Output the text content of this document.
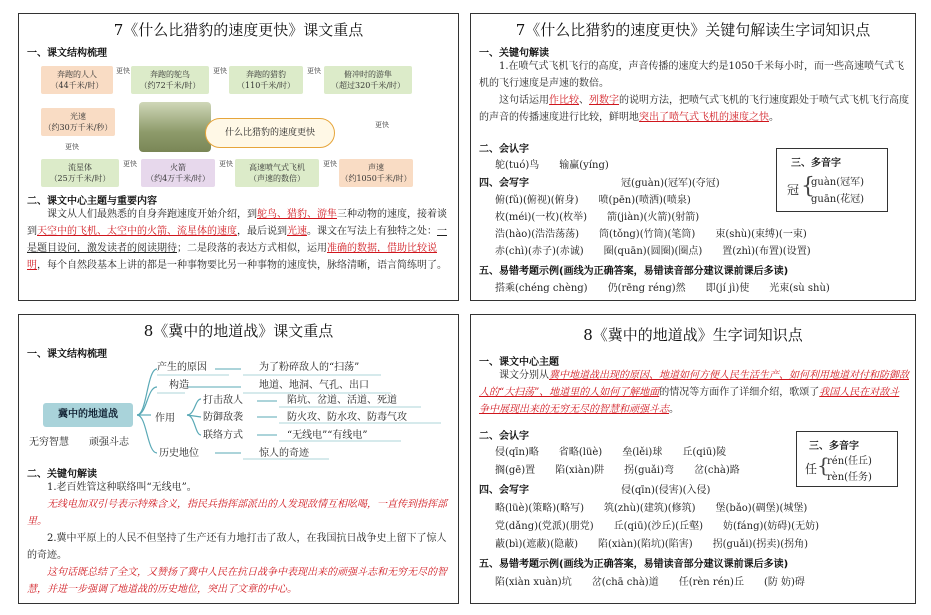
7《什么比猎豹的速度更快》课文重点
一、课文结构梳理
奔跑的人人
（44千米/时）
更快	奔跑的鸵鸟
（约72千米/时）
更快	奔跑的猎豹
（110千米/时）
更快	俯冲时的游隼
（超过320千米/时）
光速
（约30万千米/秒）
更快
什么比猎豹的速度更快
更快
流星体
（25万千米/时）
更快	火箭
（约4万千米/时）
更快	高速喷气式飞机
（声速的数倍）
更快	声速
（约1050千米/时）
二、课文中心主题与重要内容
课文从人们最熟悉的自身奔跑速度开始介绍，到鸵鸟、猎豹、游隼三种动物的速度，接着谈到天空中的飞机、太空中的火箭、流星体的速度，最后说到光速。课文在写法上有独特之处：一是题目设问，激发读者的阅读期待；二是段落的表达方式相似，运用准确的数据，借助比较说明，每个自然段基本上讲的都是一种事物要比另一种事物的速度快，脉络清晰，语言简练明了。
7《什么比猎豹的速度更快》关键句解读生字词知识点
一、关键句解读
1.在喷气式飞机飞行的高度，声音传播的速度大约是1050千米每小时，而一些高速喷气式飞机的飞行速度是声速的数倍。
这句话运用作比较、列数字的说明方法，把喷气式飞机的飞行速度跟处于喷气式飞机飞行高度的声音的传播速度进行比较，鲜明地突出了喷气式飞机的速度之快。
二、会认字
鸵(tuó)鸟　　输赢(yíng)
四、会写字	冠(guàn)(冠军)(夺冠)
俯(fǔ)(俯视)(俯身)　　喷(pēn)(喷洒)(喷泉)
枚(méi)(一枚)(枚举)　　箭(jiàn)(火箭)(射箭)
浩(hào)(浩浩荡荡)　　筒(tǒng)(竹筒)(笔筒)　　束(shù)(束缚)(一束)
赤(chì)(赤子)(赤诚)　　圈(quān)(圆圈)(圈点)　　置(zhì)(布置)(设置)
三、多音字
冠 {
guàn(冠军)
guān(花冠)
五、易错考题示例(画线为正确答案，易错读音部分建议课前课后多读)
搭乘(chéng chèng)　　仍(rēng réng)然　　即(jí jì)使　　光束(sù shù)
8《冀中的地道战》课文重点
一、课文结构梳理
冀中的地道战
无穷智慧　　顽强斗志
产生的原因	为了粉碎敌人的“扫荡”
构造	地道、地洞、气孔、出口
作用
打击敌人	陷坑、岔道、活道、死道
防御敌袭	防火攻、防水攻、防毒气攻
联络方式	“无线电”“有线电”
历史地位	惊人的奇迹
二、关键句解读
1.老百姓管这种联络叫“无线电”。
无线电加双引号表示特殊含义，指民兵指挥部派出的人发现敌情互相吆喝，一直传到指挥部里。
2.冀中平原上的人民不但坚持了生产还有力地打击了敌人，在我国抗日战争史上留下了惊人的奇迹。
这句话既总结了全文，又赞扬了冀中人民在抗日战争中表现出来的顽强斗志和无穷无尽的智慧，并进一步强调了地道战的历史地位，突出了文章的中心。
8《冀中的地道战》生字词知识点
一、课文中心主题
课文分别从冀中地道战出现的原因、地道如何方便人民生活生产、如何利用地道对付和防御敌人的“大扫荡”、地道里的人如何了解地面的情况等方面作了详细介绍，歌颂了我国人民在对敌斗争中展现出来的无穷无尽的智慧和顽强斗志。
二、会认字
侵(qīn)略　　省略(lüè)　　垒(lěi)球　　丘(qiū)陵
搁(gē)置　　陷(xiàn)阱　　拐(guǎi)弯　　岔(chà)路
三、多音字
任 {
rén(任丘)
rèn(任务)
四、会写字	侵(qīn)(侵害)(入侵)
略(lüè)(策略)(略写)　　筑(zhù)(建筑)(修筑)　　堡(bǎo)(碉堡)(城堡)
党(dǎng)(党派)(朋党)　　丘(qiū)(沙丘)(丘壑)　　妨(fáng)(妨碍)(无妨)
蔽(bì)(遮蔽)(隐蔽)　　陷(xiàn)(陷坑)(陷害)　　拐(guǎi)(拐卖)(拐角)
五、易错考题示例(画线为正确答案，易错读音部分建议课前课后多读)
陷(xiàn xuàn)坑　　岔(chā chà)道　　任(rèn rén)丘　　(防 妨)碍
